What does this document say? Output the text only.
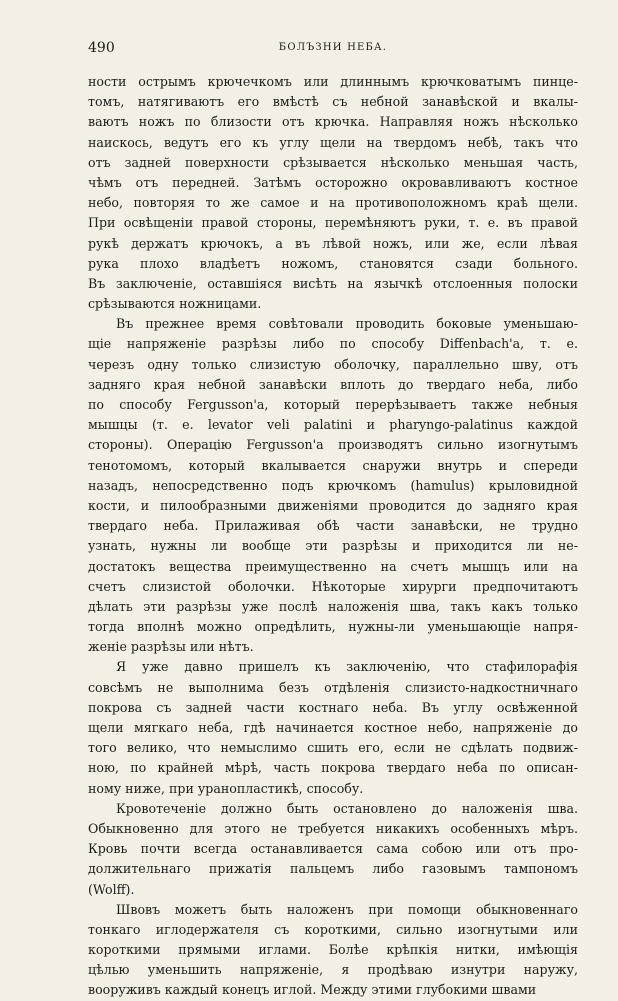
490	БОЛЪЗНИ НЕБА.
ности острымъ крючечкомъ или длиннымъ крючковатымъ пинце-
томъ, натягиваютъ его вмѣстѣ съ небной занавѣской и вкалы-
ваютъ ножъ по близости отъ крючка. Направляя ножъ нѣсколько
наискось, ведутъ его къ углу щели на твердомъ небѣ, такъ что
отъ задней поверхности срѣзывается нѣсколько меньшая часть,
чѣмъ отъ передней. Затѣмъ осторожно окровавливаютъ костное
небо, повторяя то же самое и на противоположномъ краѣ щели.
При освѣщеніи правой стороны, перемѣняютъ руки, т. е. въ правой
рукѣ держатъ крючокъ, а въ лѣвой ножъ, или же, если лѣвая
рука плохо владѣетъ ножомъ, становятся сзади больного.
Въ заключеніе, оставшіяся висѣть на язычкѣ отслоенныя полоски
срѣзываются ножницами.
Въ прежнее время совѣтовали проводить боковые уменьшаю-
щіе напряженіе разрѣзы либо по способу Diffenbach'а, т. е.
черезъ одну только слизистую оболочку, параллельно шву, отъ
задняго края небной занавѣски вплоть до твердаго неба, либо
по способу Fergusson'а, который перерѣзываетъ также небныя
мышцы (т. е. levator veli palatini и pharyngo-palatinus каждой
стороны). Операцію Fergusson'а производятъ сильно изогнутымъ
тенотомомъ, который вкалывается снаружи внутрь и спереди
назадъ, непосредственно подъ крючкомъ (hamulus) крыловидной
кости, и пилообразными движеніями проводится до задняго края
твердаго неба. Прилаживая обѣ части занавѣски, не трудно
узнать, нужны ли вообще эти разрѣзы и приходится ли не-
достатокъ вещества преимущественно на счетъ мышцъ или на
счетъ слизистой оболочки. Нѣкоторые хирурги предпочитаютъ
дѣлать эти разрѣзы уже послѣ наложенія шва, такъ какъ только
тогда вполнѣ можно опредѣлить, нужны-ли уменьшающіе напря-
женіе разрѣзы или нѣтъ.
Я уже давно пришелъ къ заключенію, что стафилорафія
совсѣмъ не выполнима безъ отдѣленія слизисто-надкостничнаго
покрова съ задней части костнаго неба. Въ углу освѣженной
щели мягкаго неба, гдѣ начинается костное небо, напряженіе до
того велико, что немыслимо сшить его, если не сдѣлать подвиж-
ною, по крайней мѣрѣ, часть покрова твердаго неба по описан-
ному ниже, при уранопластикѣ, способу.
Кровотеченіе должно быть остановлено до наложенія шва.
Обыкновенно для этого не требуется никакихъ особенныхъ мѣръ.
Кровь почти всегда останавливается сама собою или отъ про-
должительнаго прижатія пальцемъ либо газовымъ тампономъ
(Wolff).
Швовъ можетъ быть наложенъ при помощи обыкновеннаго
тонкаго иглодержателя съ короткими, сильно изогнутыми или
короткими прямыми иглами. Болѣе крѣпкія нитки, имѣющія
цѣлью уменьшить напряженіе, я продѣваю изнутри наружу,
вооруживъ каждый конецъ иглой. Между этими глубокими швами
